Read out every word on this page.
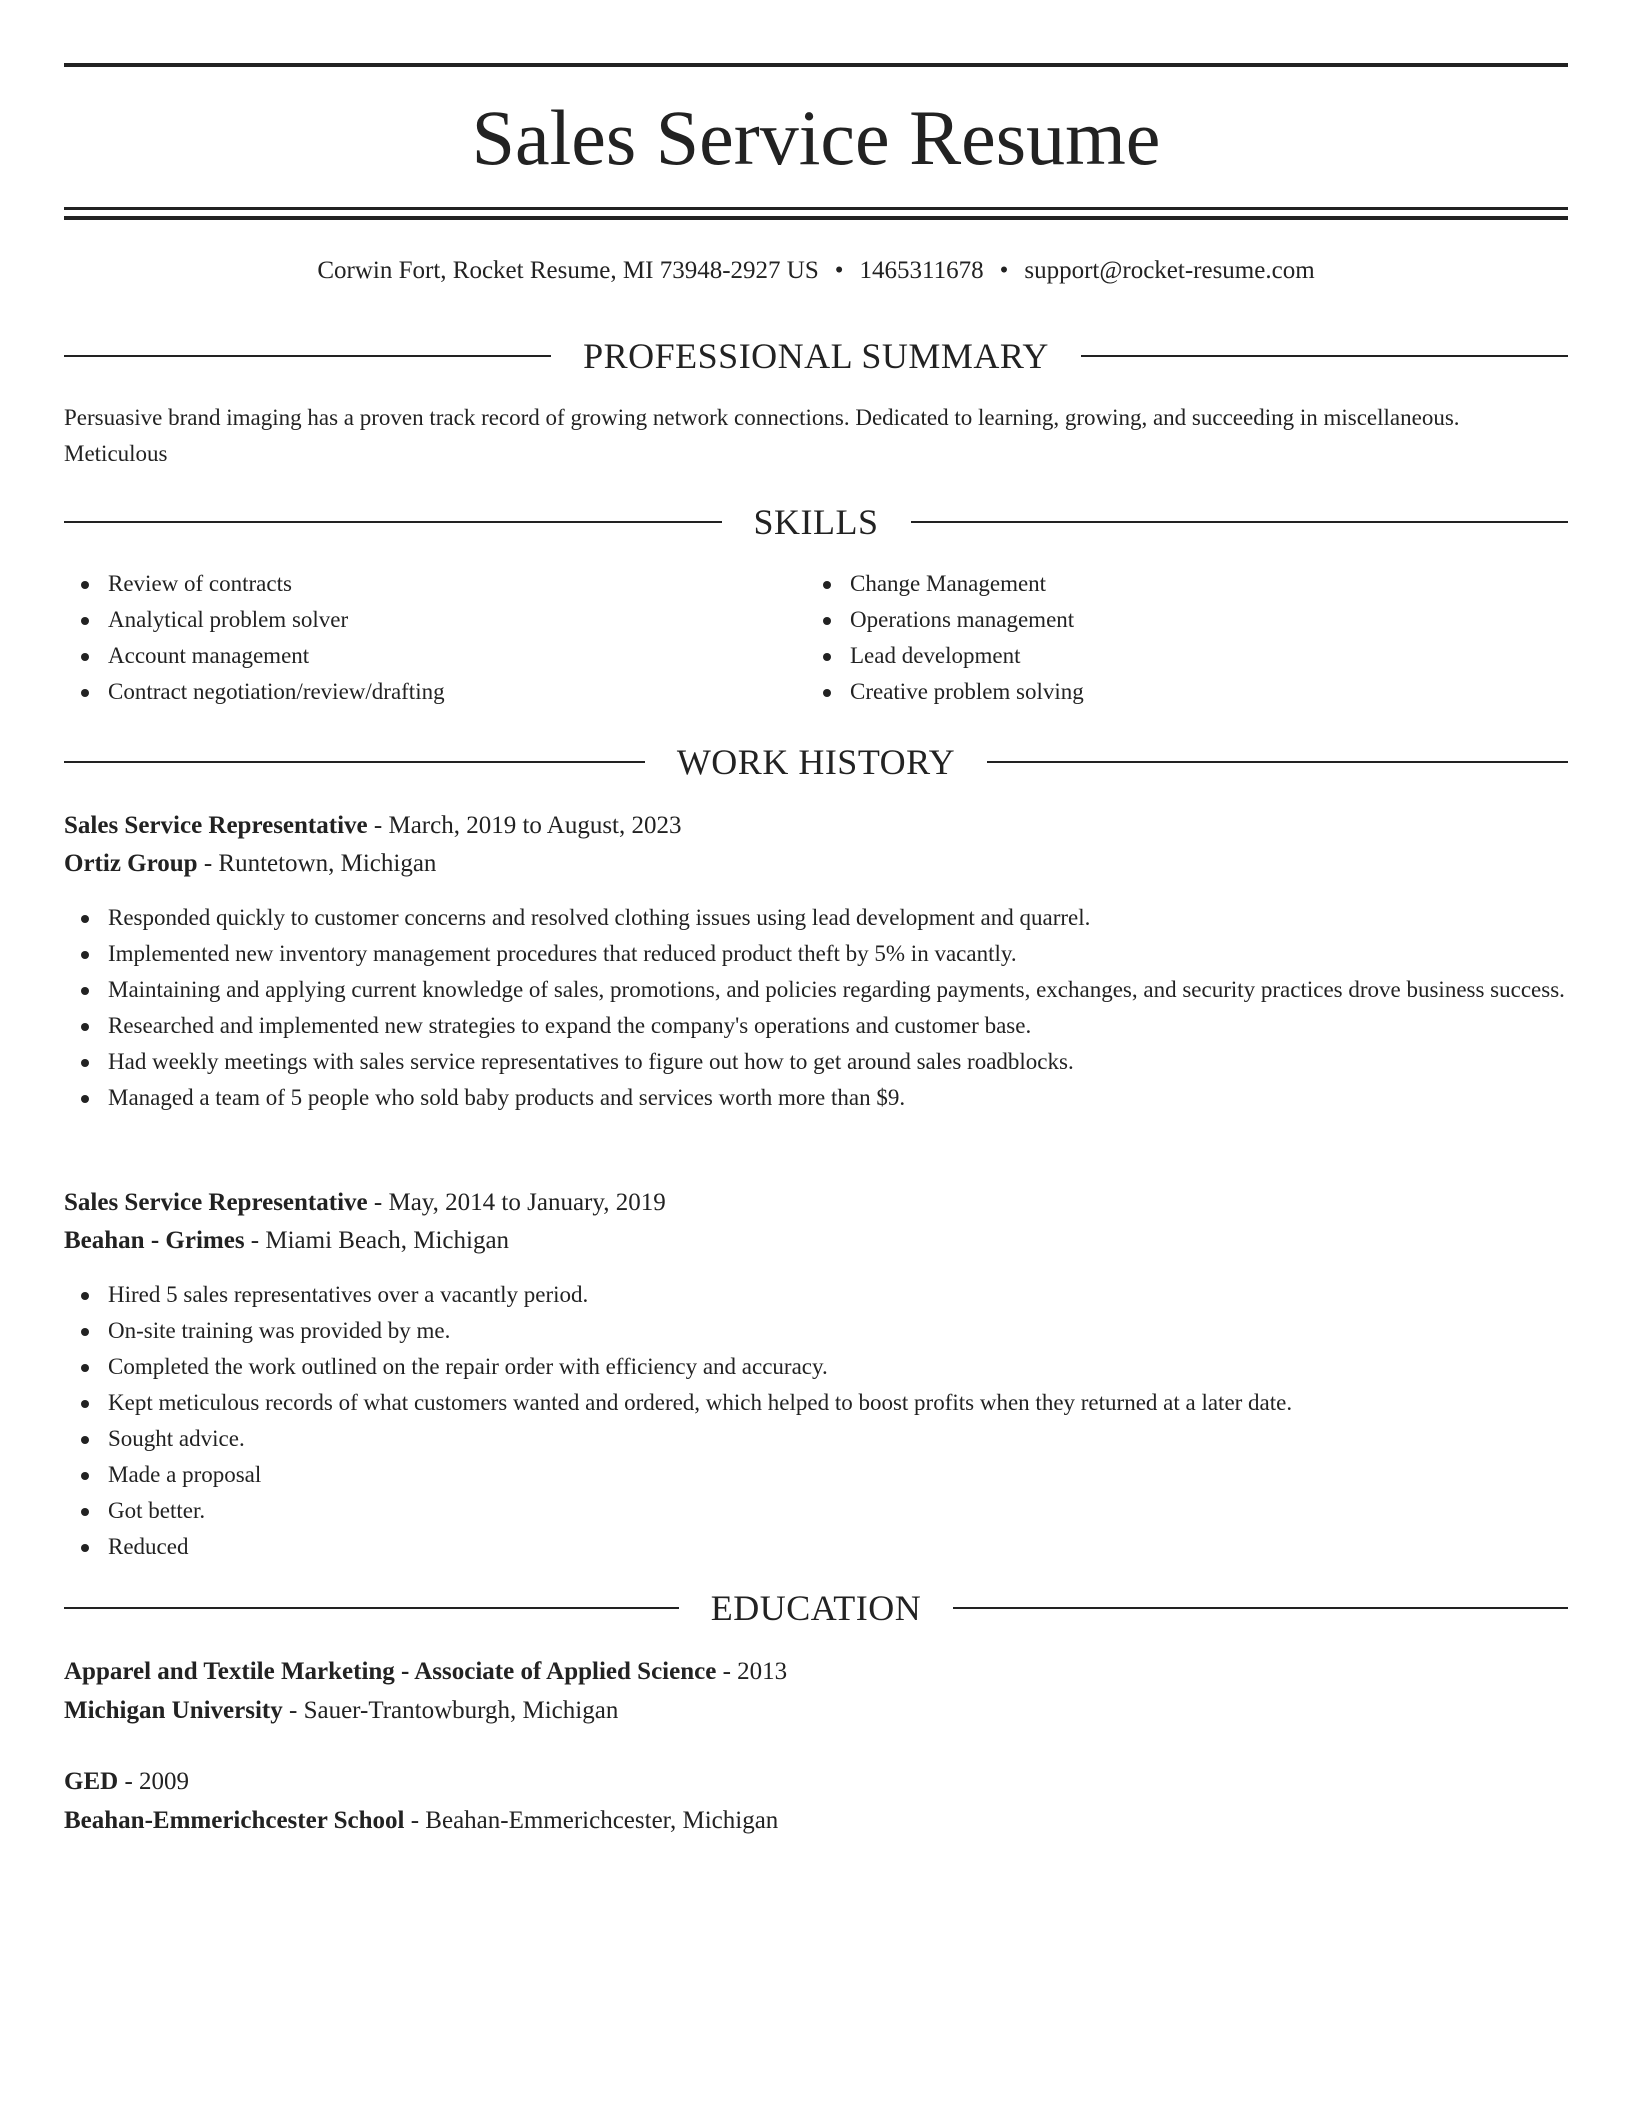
Sales Service Resume
Corwin Fort, Rocket Resume, MI 73948-2927 US • 1465311678 • support@rocket-resume.com
PROFESSIONAL SUMMARY

Persuasive brand imaging has a proven track record of growing network connections. Dedicated to learning, growing, and succeeding in miscellaneous. Meticulous

SKILLS
Review of contracts
Analytical problem solver
Account management
Contract negotiation/review/drafting
Change Management
Operations management
Lead development
Creative problem solving
WORK HISTORY
Sales Service Representative - March, 2019 to August, 2023
Ortiz Group - Runtetown, Michigan
Responded quickly to customer concerns and resolved clothing issues using lead development and quarrel.
Implemented new inventory management procedures that reduced product theft by 5% in vacantly.
Maintaining and applying current knowledge of sales, promotions, and policies regarding payments, exchanges, and security practices drove business success.
Researched and implemented new strategies to expand the company's operations and customer base.
Had weekly meetings with sales service representatives to figure out how to get around sales roadblocks.
Managed a team of 5 people who sold baby products and services worth more than $9.
Sales Service Representative - May, 2014 to January, 2019
Beahan - Grimes - Miami Beach, Michigan
Hired 5 sales representatives over a vacantly period.
On-site training was provided by me.
Completed the work outlined on the repair order with efficiency and accuracy.
Kept meticulous records of what customers wanted and ordered, which helped to boost profits when they returned at a later date.
Sought advice.
Made a proposal
Got better.
Reduced
EDUCATION
Apparel and Textile Marketing - Associate of Applied Science - 2013
Michigan University - Sauer-Trantowburgh, Michigan
GED - 2009
Beahan-Emmerichcester School - Beahan-Emmerichcester, Michigan
